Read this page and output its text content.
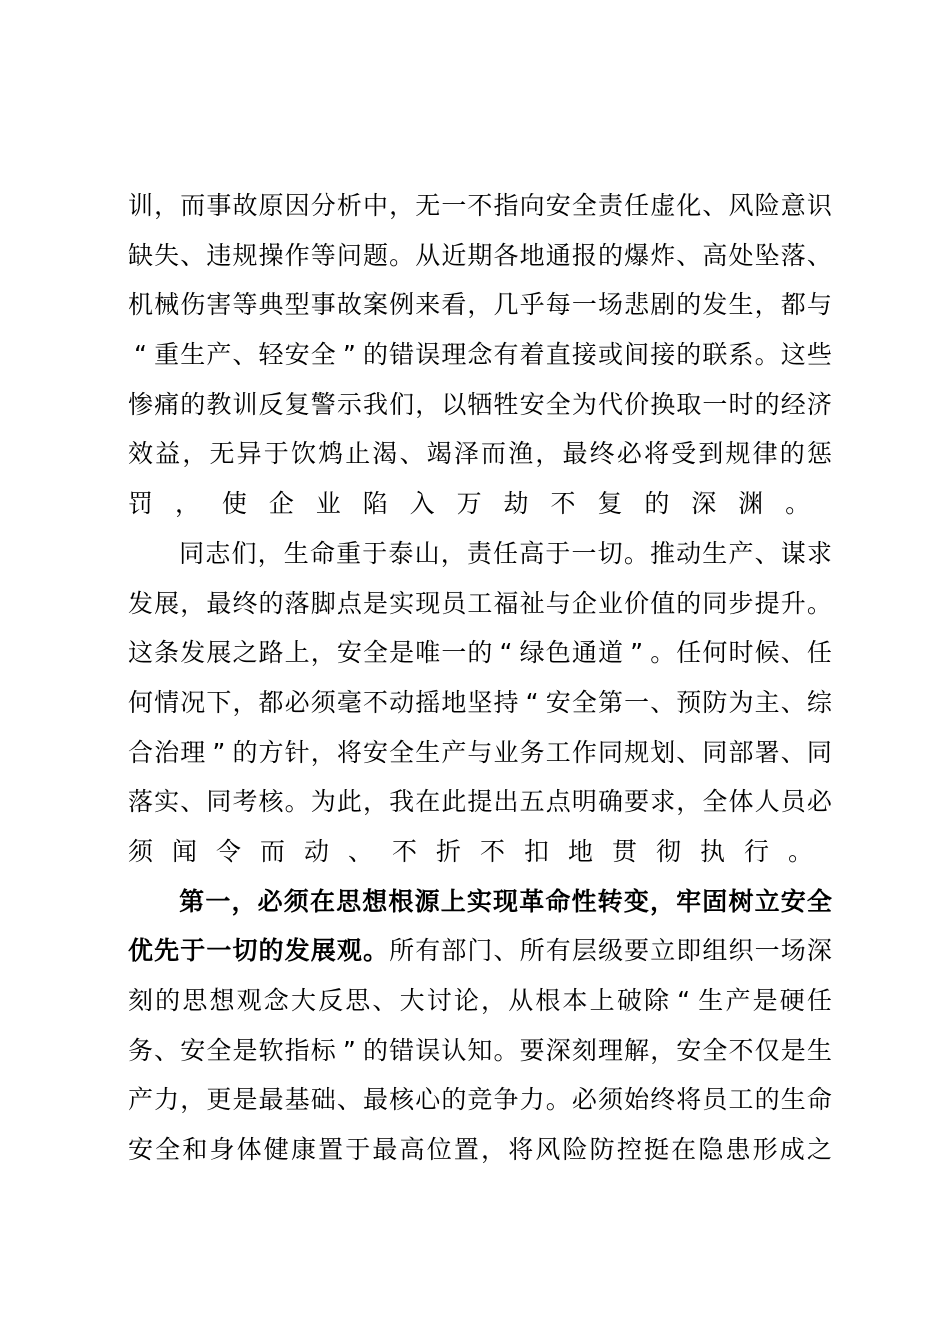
训 ， 而 事 故 原 因 分 析 中 ， 无 一 不 指 向 安 全 责 任 虚 化 、 风 险 意 识
缺 失 、 违 规 操 作 等 问 题 。 从 近 期 各 地 通 报 的 爆 炸 、 高 处 坠 落 、
机 械 伤 害 等 典 型 事 故 案 例 来 看 ， 几 乎 每 一 场 悲 剧 的 发 生 ， 都 与
“ 重 生 产 、 轻 安 全 ” 的 错 误 理 念 有 着 直 接 或 间 接 的 联 系 。 这 些
惨 痛 的 教 训 反 复 警 示 我 们 ， 以 牺 牲 安 全 为 代 价 换 取 一 时 的 经 济
效 益 ， 无 异 于 饮 鸩 止 渴 、 竭 泽 而 渔 ， 最 终 必 将 受 到 规 律 的 惩
罚 ， 使 企 业 陷 入 万 劫 不 复 的 深 渊 。
同 志 们 ， 生 命 重 于 泰 山 ， 责 任 高 于 一 切 。 推 动 生 产 、 谋 求
发 展 ， 最 终 的 落 脚 点 是 实 现 员 工 福 祉 与 企 业 价 值 的 同 步 提 升 。
这 条 发 展 之 路 上 ， 安 全 是 唯 一 的 “ 绿 色 通 道 ” 。 任 何 时 候 、 任
何 情 况 下 ， 都 必 须 毫 不 动 摇 地 坚 持 “ 安 全 第 一 、 预 防 为 主 、 综
合 治 理 ” 的 方 针 ， 将 安 全 生 产 与 业 务 工 作 同 规 划 、 同 部 署 、 同
落 实 、 同 考 核 。 为 此 ， 我 在 此 提 出 五 点 明 确 要 求 ， 全 体 人 员 必
须 闻 令 而 动 、 不 折 不 扣 地 贯 彻 执 行 。
第 一 ， 必 须 在 思 想 根 源 上 实 现 革 命 性 转 变 ， 牢 固 树 立 安 全
优 先 于 一 切 的 发 展 观 。 所 有 部 门 、 所 有 层 级 要 立 即 组 织 一 场 深
刻 的 思 想 观 念 大 反 思 、 大 讨 论 ， 从 根 本 上 破 除 “ 生 产 是 硬 任
务 、 安 全 是 软 指 标 ” 的 错 误 认 知 。 要 深 刻 理 解 ， 安 全 不 仅 是 生
产 力 ， 更 是 最 基 础 、 最 核 心 的 竞 争 力 。 必 须 始 终 将 员 工 的 生 命
安 全 和 身 体 健 康 置 于 最 高 位 置 ， 将 风 险 防 控 挺 在 隐 患 形 成 之
